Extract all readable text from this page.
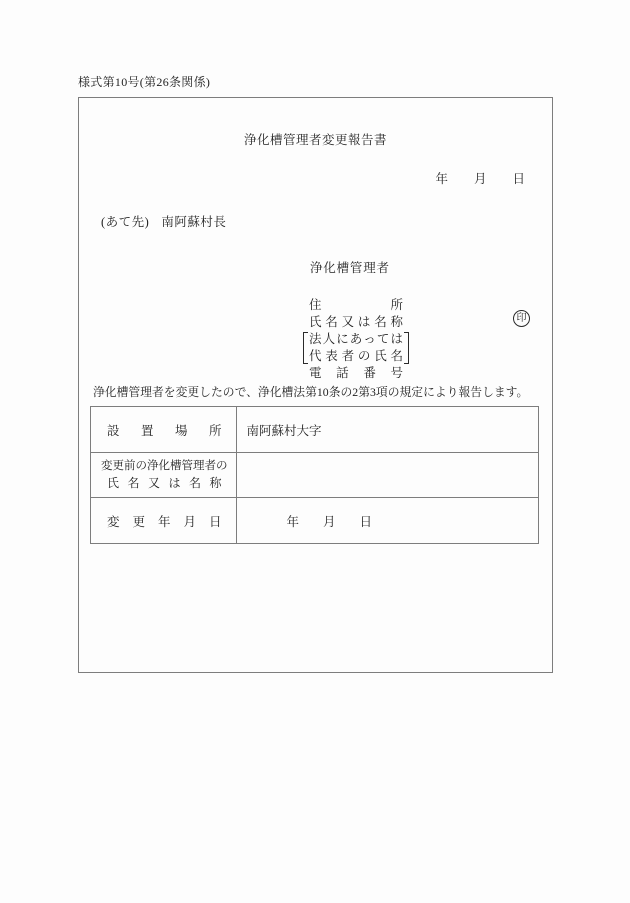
様式第10号(第26条関係)
浄化槽管理者変更報告書
年 月 日
(あて先) 南阿蘇村長
浄化槽管理者
住 所
氏 名 又 は 名 称
法人にあっては
代 表 者 の 氏 名
電 話 番 号
印
浄化槽管理者を変更したので、浄化槽法第10条の2第3項の規定により報告します。
設 置 場 所	南阿蘇村大字

変更前の浄化槽管理者の
氏 名 又 は 名 称	

変 更 年 月 日	年 月 日
